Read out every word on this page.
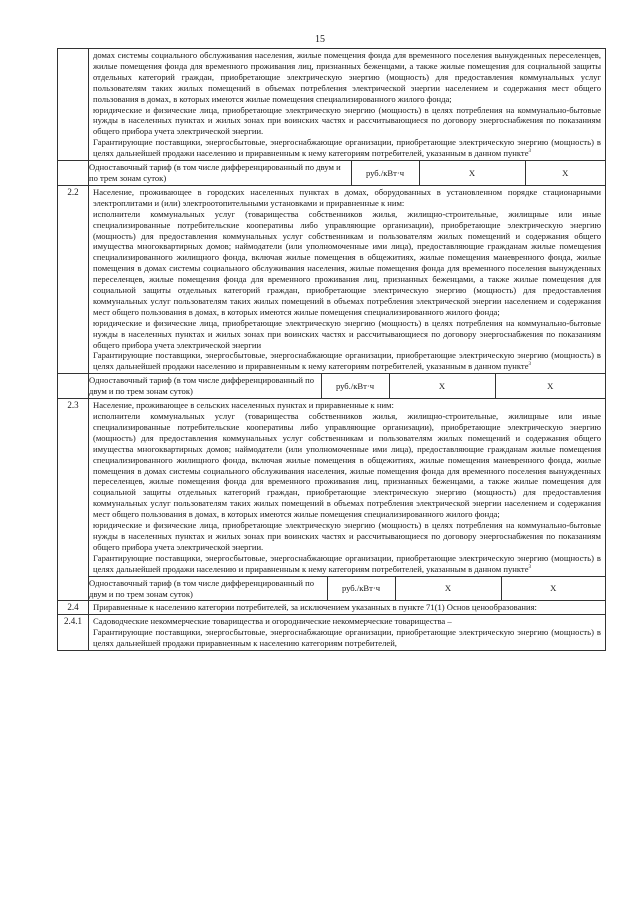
15

домах системы социального обслуживания населения, жилые помещения фонда для временного поселения вынужденных переселенцев, жилые помещения фонда для временного проживания лиц, признанных беженцами, а также жилые помещения для социальной защиты отдельных категорий граждан, приобретающие электрическую энергию (мощность) для предоставления коммунальных услуг пользователям таких жилых помещений в объемах потребления электрической энергии населением и содержания мест общего пользования в домах, в которых имеются жилые помещения специализированного жилого фонда;

юридические и физические лица, приобретающие электрическую энергию (мощность) в целях потребления на коммунально-бытовые нужды в населенных пунктах и жилых зонах при воинских частях и рассчитывающиеся по договору энергоснабжения по показаниям общего прибора учета электрической энергии.

Гарантирующие поставщики, энергосбытовые, энергоснабжающие организации, приобретающие электрическую энергию (мощность) в целях дальнейшей продажи населению и приравненным к нему категориям потребителей, указанным в данном пункте$^3$

Одноставочный тариф (в том числе дифференцированный по двум и по трем зонам суток)	руб./кВт·ч	Х	Х

2.2	Население, проживающее в городских населенных пунктах в домах, оборудованных в установленном порядке стационарными электроплитами и (или) электроотопительными установками и приравненные к ним:

исполнители коммунальных услуг (товарищества собственников жилья, жилищно-строительные, жилищные или иные специализированные потребительские кооперативы либо управляющие организации), приобретающие электрическую энергию (мощность) для предоставления коммунальных услуг собственникам и пользователям жилых помещений и содержания общего имущества многоквартирных домов; наймодатели (или уполномоченные ими лица), предоставляющие гражданам жилые помещения специализированного жилищного фонда, включая жилые помещения в общежитиях, жилые помещения маневренного фонда, жилые помещения в домах системы социального обслуживания населения, жилые помещения фонда для временного поселения вынужденных переселенцев, жилые помещения фонда для временного проживания лиц, признанных беженцами, а также жилые помещения для социальной защиты отдельных категорий граждан, приобретающие электрическую энергию (мощность) для предоставления коммунальных услуг пользователям таких жилых помещений в объемах потребления электрической энергии населением и содержания мест общего пользования в домах, в которых имеются жилые помещения специализированного жилого фонда;

юридические и физические лица, приобретающие электрическую энергию (мощность) в целях потребления на коммунально-бытовые нужды в населенных пунктах и жилых зонах при воинских частях и рассчитывающиеся по договору энергоснабжения по показаниям общего прибора учета электрической энергии

Гарантирующие поставщики, энергосбытовые, энергоснабжающие организации, приобретающие электрическую энергию (мощность) в целях дальнейшей продажи населению и приравненным к нему категориям потребителей, указанным в данном пункте$^3$

Одноставочный тариф (в том числе дифференцированный по двум и по трем зонам суток)	руб./кВт·ч	Х	Х

2.3	Население, проживающее в сельских населенных пунктах и приравненные к ним:

исполнители коммунальных услуг (товарищества собственников жилья, жилищно-строительные, жилищные или иные специализированные потребительские кооперативы либо управляющие организации), приобретающие электрическую энергию (мощность) для предоставления коммунальных услуг собственникам и пользователям жилых помещений и содержания общего имущества многоквартирных домов; наймодатели (или уполномоченные ими лица), предоставляющие гражданам жилые помещения специализированного жилищного фонда, включая жилые помещения в общежитиях, жилые помещения маневренного фонда, жилые помещения в домах системы социального обслуживания населения, жилые помещения фонда для временного поселения вынужденных переселенцев, жилые помещения фонда для временного проживания лиц, признанных беженцами, а также жилые помещения для социальной защиты отдельных категорий граждан, приобретающие электрическую энергию (мощность) для предоставления коммунальных услуг пользователям таких жилых помещений в объемах потребления электрической энергии населением и содержания мест общего пользования в домах, в которых имеются жилые помещения специализированного жилого фонда;

юридические и физические лица, приобретающие электрическую энергию (мощность) в целях потребления на коммунально-бытовые нужды в населенных пунктах и жилых зонах при воинских частях и рассчитывающиеся по договору энергоснабжения по показаниям общего прибора учета электрической энергии.

Гарантирующие поставщики, энергосбытовые, энергоснабжающие организации, приобретающие электрическую энергию (мощность) в целях дальнейшей продажи населению и приравненным к нему категориям потребителей, указанным в данном пункте$^3$

Одноставочный тариф (в том числе дифференцированный по двум и по трем зонам суток)	руб./кВт·ч	Х	Х

2.4	Приравненные к населению категории потребителей, за исключением указанных в пункте 71(1) Основ ценообразования:

2.4.1	Садоводческие некоммерческие товарищества и огороднические некоммерческие товарищества –

Гарантирующие поставщики, энергосбытовые, энергоснабжающие организации, приобретающие электрическую энергию (мощность) в целях дальнейшей продажи приравненным к населению категориям потребителей,
